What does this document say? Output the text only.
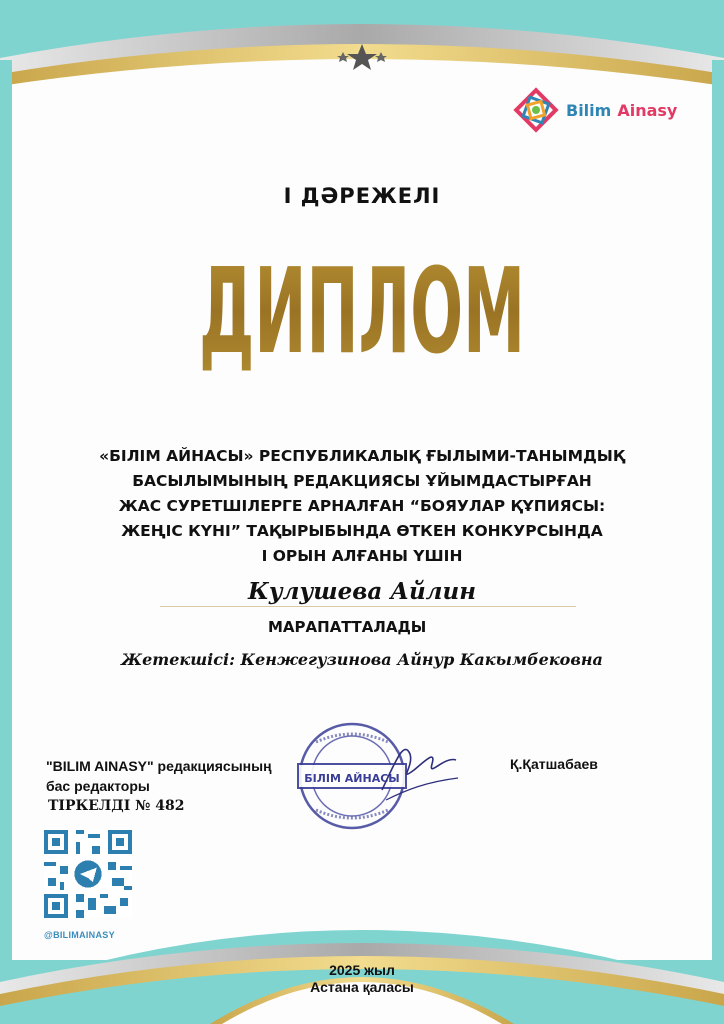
Bilim Ainasy
І ДӘРЕЖЕЛІ
ДИПЛОМ
«БІЛІМ АЙНАСЫ» РЕСПУБЛИКАЛЫҚ ҒЫЛЫМИ-ТАНЫМДЫҚ
БАСЫЛЫМЫНЫҢ РЕДАКЦИЯСЫ ҰЙЫМДАСТЫРҒАН
ЖАС СУРЕТШІЛЕРГЕ АРНАЛҒАН “БОЯУЛАР ҚҰПИЯСЫ:
ЖЕҢІС КҮНІ” ТАҚЫРЫБЫНДА ӨТКЕН КОНКУРСЫНДА
І ОРЫН АЛҒАНЫ ҮШІН
Кулушева Айлин
МАРАПАТТАЛАДЫ
Жетекшісі: Кенжегузинова Айнур Какымбековна
"BILIM AINASY" редакциясының
бас редакторы
ТІРКЕЛДІ № 482
Қ.Қатшабаев
БІЛІМ АЙНАСЫ
@BILIMAINASY
2025 жыл
Астана қаласы
